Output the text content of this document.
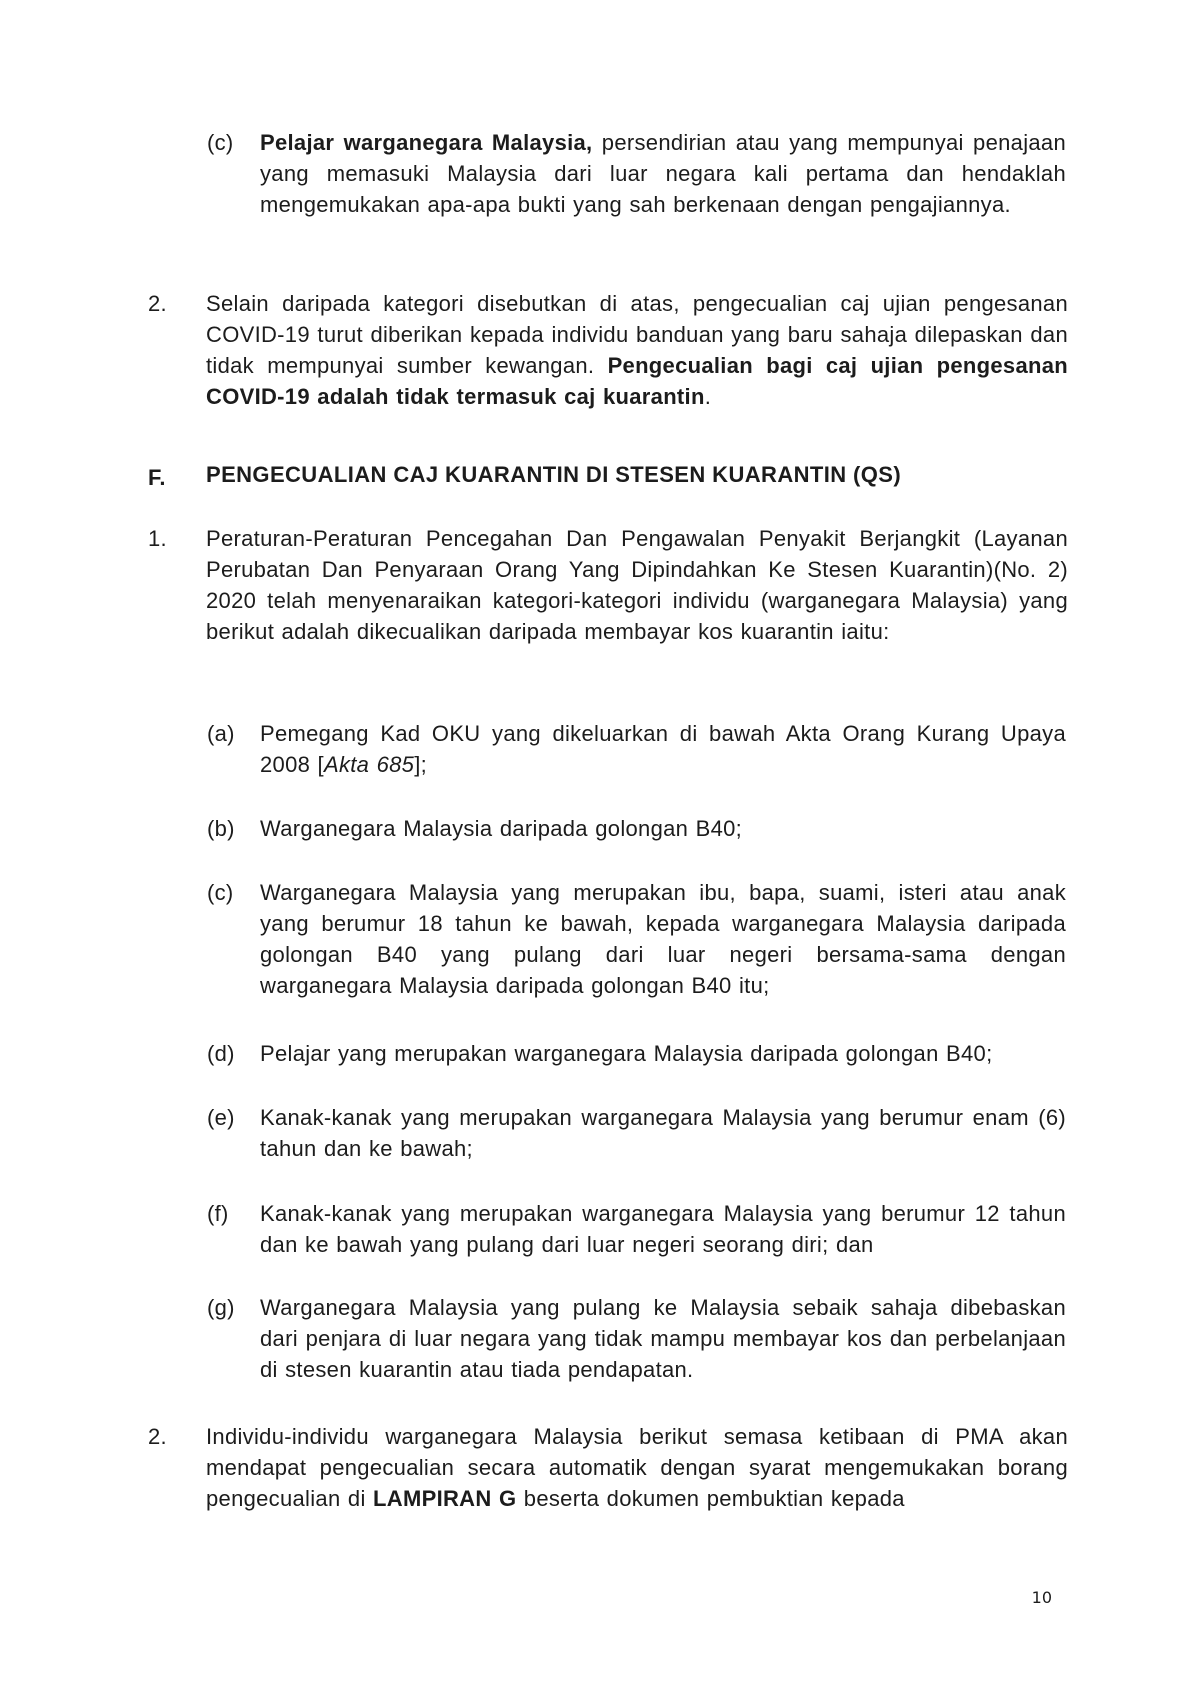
(c)	Pelajar warganegara Malaysia, persendirian atau yang mempunyai penajaan yang memasuki Malaysia dari luar negara kali pertama dan hendaklah mengemukakan apa-apa bukti yang sah berkenaan dengan pengajiannya.
2.	Selain daripada kategori disebutkan di atas, pengecualian caj ujian pengesanan COVID-19 turut diberikan kepada individu banduan yang baru sahaja dilepaskan dan tidak mempunyai sumber kewangan. Pengecualian bagi caj ujian pengesanan COVID-19 adalah tidak termasuk caj kuarantin.
F.	PENGECUALIAN CAJ KUARANTIN DI STESEN KUARANTIN (QS)
1.	Peraturan-Peraturan Pencegahan Dan Pengawalan Penyakit Berjangkit (Layanan Perubatan Dan Penyaraan Orang Yang Dipindahkan Ke Stesen Kuarantin)(No. 2) 2020 telah menyenaraikan kategori-kategori individu (warganegara Malaysia) yang berikut adalah dikecualikan daripada membayar kos kuarantin iaitu:
(a)	Pemegang Kad OKU yang dikeluarkan di bawah Akta Orang Kurang Upaya 2008 [Akta 685];
(b)	Warganegara Malaysia daripada golongan B40;
(c)	Warganegara Malaysia yang merupakan ibu, bapa, suami, isteri atau anak yang berumur 18 tahun ke bawah, kepada warganegara Malaysia daripada golongan B40 yang pulang dari luar negeri bersama-sama dengan warganegara Malaysia daripada golongan B40 itu;
(d)	Pelajar yang merupakan warganegara Malaysia daripada golongan B40;
(e)	Kanak-kanak yang merupakan warganegara Malaysia yang berumur enam (6) tahun dan ke bawah;
(f)	Kanak-kanak yang merupakan warganegara Malaysia yang berumur 12 tahun dan ke bawah yang pulang dari luar negeri seorang diri; dan
(g)	Warganegara Malaysia yang pulang ke Malaysia sebaik sahaja dibebaskan dari penjara di luar negara yang tidak mampu membayar kos dan perbelanjaan di stesen kuarantin atau tiada pendapatan.
2.	Individu-individu warganegara Malaysia berikut semasa ketibaan di PMA akan mendapat pengecualian secara automatik dengan syarat mengemukakan borang pengecualian di LAMPIRAN G beserta dokumen pembuktian kepada
10
